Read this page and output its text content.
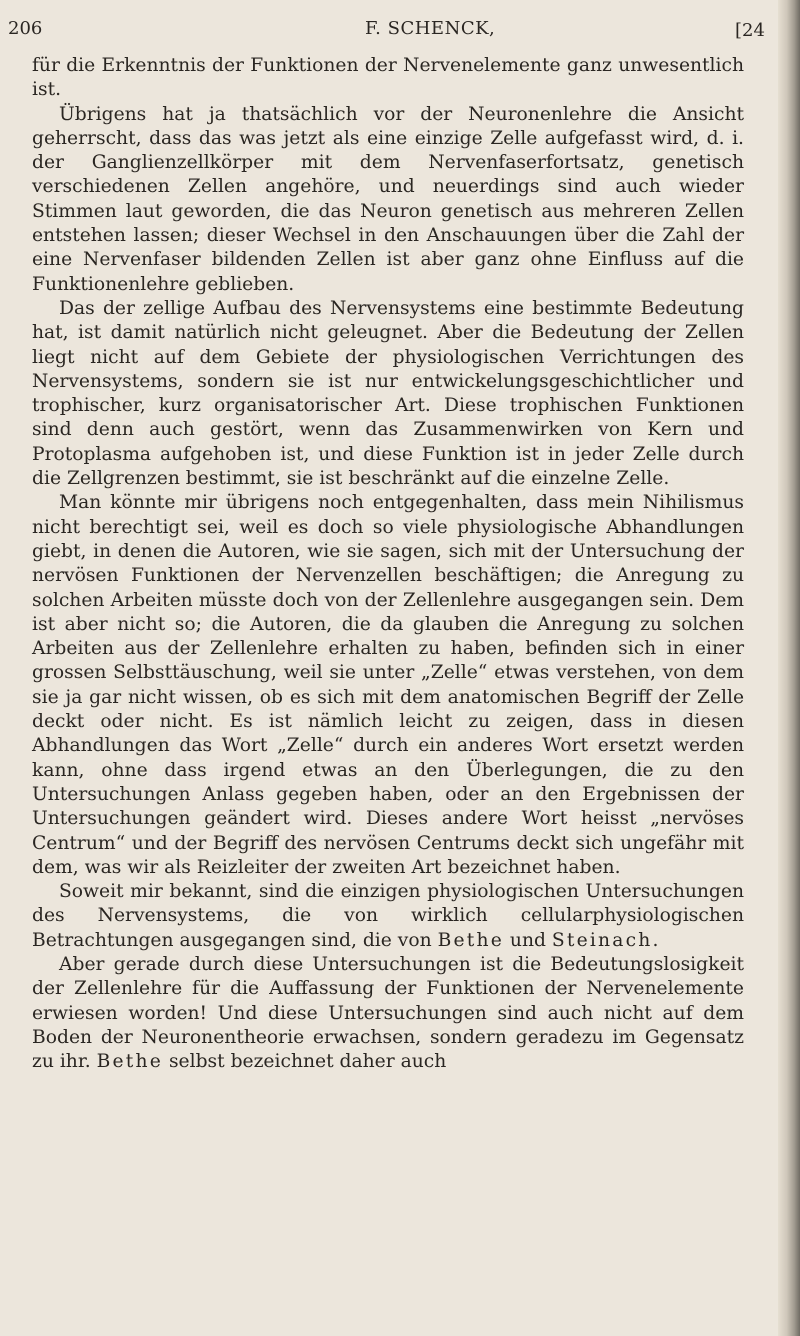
206	F. SCHENCK,	[24

für die Erkenntnis der Funktionen der Nervenelemente ganz unwesentlich ist.

Übrigens hat ja thatsächlich vor der Neuronenlehre die Ansicht geherrscht, dass das was jetzt als eine einzige Zelle aufgefasst wird, d. i. der Ganglienzellkörper mit dem Nervenfaserfortsatz, genetisch verschiedenen Zellen angehöre, und neuerdings sind auch wieder Stimmen laut geworden, die das Neuron genetisch aus mehreren Zellen entstehen lassen; dieser Wechsel in den Anschauungen über die Zahl der eine Nervenfaser bildenden Zellen ist aber ganz ohne Einfluss auf die Funktionenlehre geblieben.

Das der zellige Aufbau des Nervensystems eine bestimmte Bedeutung hat, ist damit natürlich nicht geleugnet. Aber die Bedeutung der Zellen liegt nicht auf dem Gebiete der physiologischen Verrichtungen des Nervensystems, sondern sie ist nur entwickelungsgeschichtlicher und trophischer, kurz organisatorischer Art. Diese trophischen Funktionen sind denn auch gestört, wenn das Zusammenwirken von Kern und Protoplasma aufgehoben ist, und diese Funktion ist in jeder Zelle durch die Zellgrenzen bestimmt, sie ist beschränkt auf die einzelne Zelle.

Man könnte mir übrigens noch entgegenhalten, dass mein Nihilismus nicht berechtigt sei, weil es doch so viele physiologische Abhandlungen giebt, in denen die Autoren, wie sie sagen, sich mit der Untersuchung der nervösen Funktionen der Nervenzellen beschäftigen; die Anregung zu solchen Arbeiten müsste doch von der Zellenlehre ausgegangen sein. Dem ist aber nicht so; die Autoren, die da glauben die Anregung zu solchen Arbeiten aus der Zellenlehre erhalten zu haben, befinden sich in einer grossen Selbsttäuschung, weil sie unter „Zelle“ etwas verstehen, von dem sie ja gar nicht wissen, ob es sich mit dem anatomischen Begriff der Zelle deckt oder nicht. Es ist nämlich leicht zu zeigen, dass in diesen Abhandlungen das Wort „Zelle“ durch ein anderes Wort ersetzt werden kann, ohne dass irgend etwas an den Überlegungen, die zu den Untersuchungen Anlass gegeben haben, oder an den Ergebnissen der Untersuchungen geändert wird. Dieses andere Wort heisst „nervöses Centrum“ und der Begriff des nervösen Centrums deckt sich ungefähr mit dem, was wir als Reizleiter der zweiten Art bezeichnet haben.

Soweit mir bekannt, sind die einzigen physiologischen Untersuchungen des Nervensystems, die von wirklich cellularphysiologischen Betrachtungen ausgegangen sind, die von Bethe und Steinach.

Aber gerade durch diese Untersuchungen ist die Bedeutungslosigkeit der Zellenlehre für die Auffassung der Funktionen der Nervenelemente erwiesen worden! Und diese Untersuchungen sind auch nicht auf dem Boden der Neuronentheorie erwachsen, sondern geradezu im Gegensatz zu ihr. Bethe selbst bezeichnet daher auch
